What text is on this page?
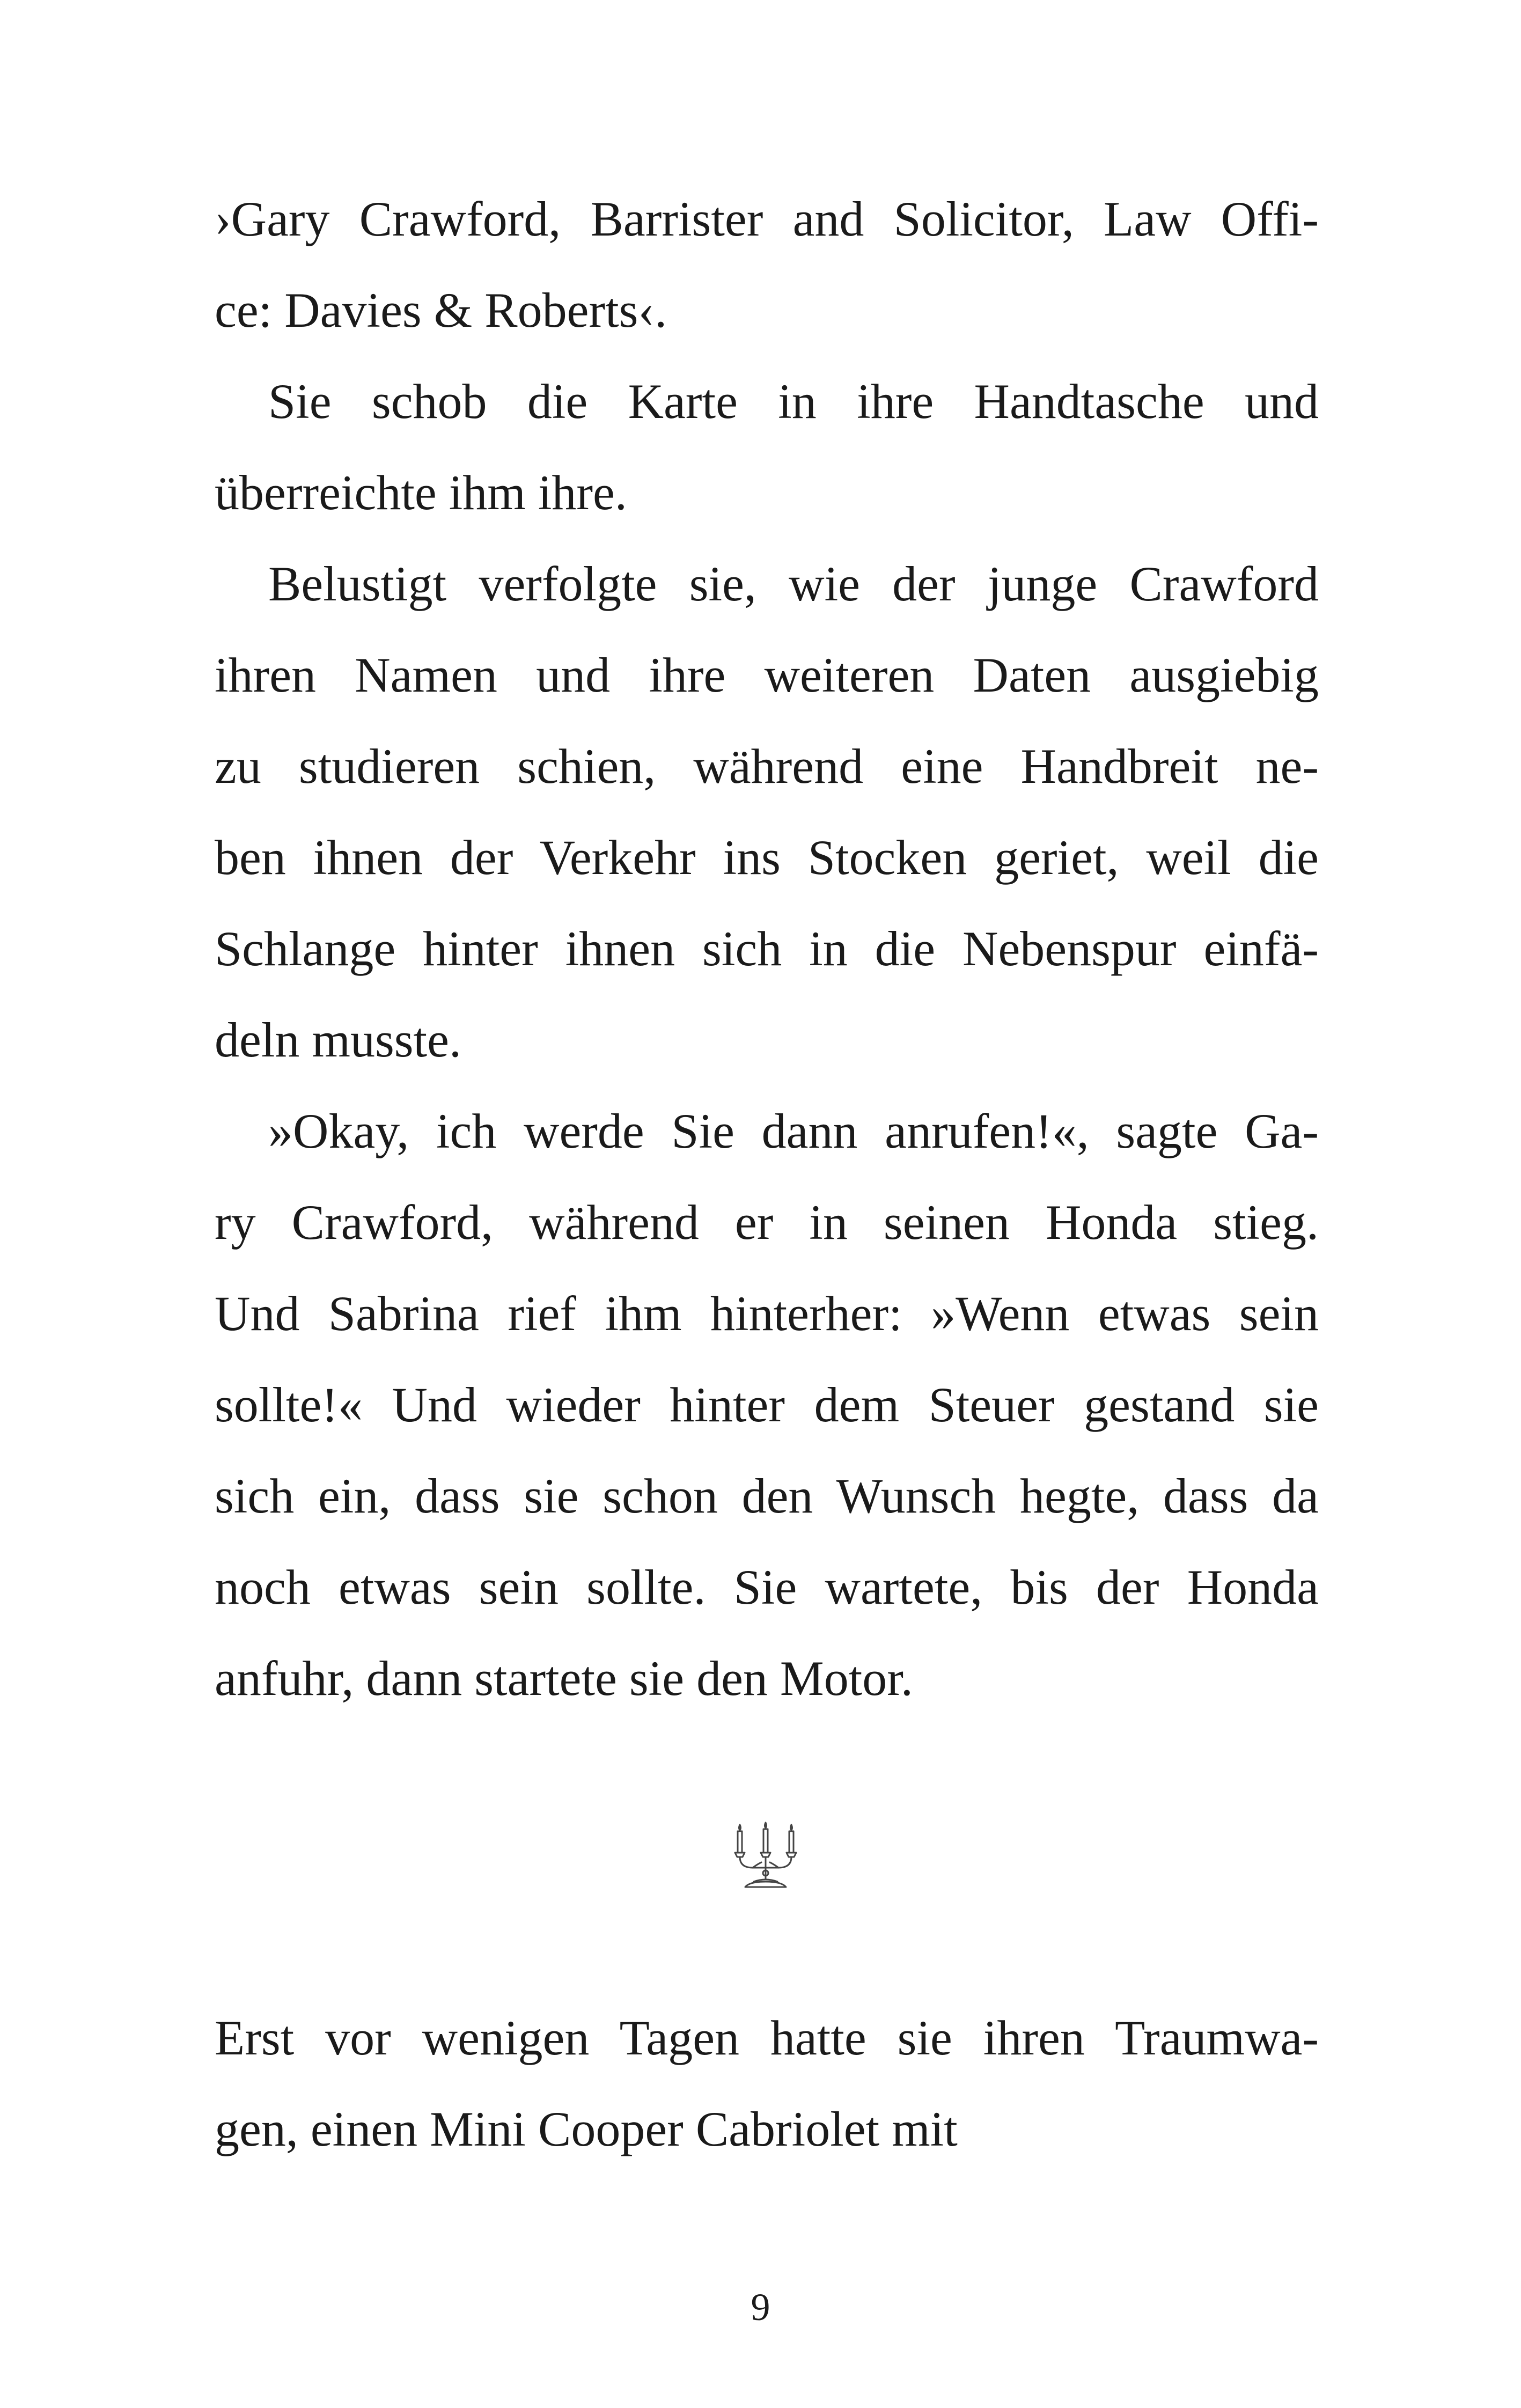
›Gary Crawford, Barrister and Solicitor, Law Offi-

ce: Davies & Roberts‹.

Sie schob die Karte in ihre Handtasche und

überreichte ihm ihre.

Belustigt verfolgte sie, wie der junge Crawford

ihren Namen und ihre weiteren Daten ausgiebig

zu studieren schien, während eine Handbreit ne-

ben ihnen der Verkehr ins Stocken geriet, weil die

Schlange hinter ihnen sich in die Nebenspur einfä-

deln musste.

»Okay, ich werde Sie dann anrufen!«, sagte Ga-

ry Crawford, während er in seinen Honda stieg.

Und Sabrina rief ihm hinterher: »Wenn etwas sein

sollte!« Und wieder hinter dem Steuer gestand sie

sich ein, dass sie schon den Wunsch hegte, dass da

noch etwas sein sollte. Sie wartete, bis der Honda

anfuhr, dann startete sie den Motor.

Erst vor wenigen Tagen hatte sie ihren Traumwa-

gen, einen Mini Cooper Cabriolet mit

9
